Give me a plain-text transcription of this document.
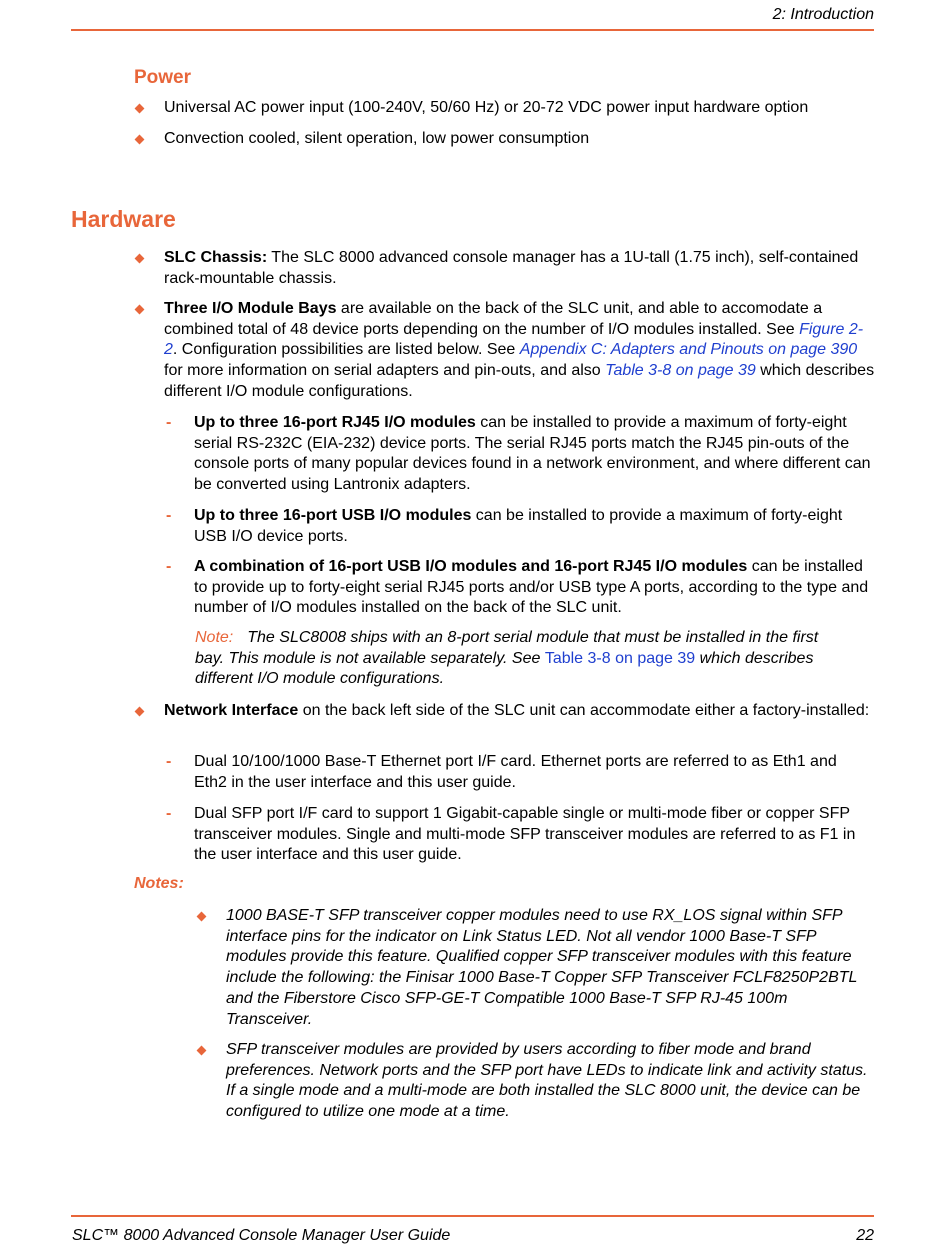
2: Introduction
Power
Universal AC power input (100-240V, 50/60 Hz) or 20-72 VDC power input hardware option
Convection cooled, silent operation, low power consumption
Hardware
SLC Chassis: The SLC 8000 advanced console manager has a 1U-tall (1.75 inch), self-contained rack-mountable chassis.
Three I/O Module Bays are available on the back of the SLC unit, and able to accomodate a combined total of 48 device ports depending on the number of I/O modules installed. See Figure 2-2. Configuration possibilities are listed below. See Appendix C: Adapters and Pinouts on page 390 for more information on serial adapters and pin-outs, and also Table 3-8 on page 39 which describes different I/O module configurations.
- Up to three 16-port RJ45 I/O modules can be installed to provide a maximum of forty-eight serial RS-232C (EIA-232) device ports. The serial RJ45 ports match the RJ45 pin-outs of the console ports of many popular devices found in a network environment, and where different can be converted using Lantronix adapters.
- Up to three 16-port USB I/O modules can be installed to provide a maximum of forty-eight USB I/O device ports.
- A combination of 16-port USB I/O modules and 16-port RJ45 I/O modules can be installed to provide up to forty-eight serial RJ45 ports and/or USB type A ports, according to the type and number of I/O modules installed on the back of the SLC unit.
Note: The SLC8008 ships with an 8-port serial module that must be installed in the first bay. This module is not available separately. See Table 3-8 on page 39 which describes different I/O module configurations.
Network Interface on the back left side of the SLC unit can accommodate either a factory-installed:
- Dual 10/100/1000 Base-T Ethernet port I/F card. Ethernet ports are referred to as Eth1 and Eth2 in the user interface and this user guide.
- Dual SFP port I/F card to support 1 Gigabit-capable single or multi-mode fiber or copper SFP transceiver modules. Single and multi-mode SFP transceiver modules are referred to as F1 in the user interface and this user guide.
Notes:
1000 BASE-T SFP transceiver copper modules need to use RX_LOS signal within SFP interface pins for the indicator on Link Status LED. Not all vendor 1000 Base-T SFP modules provide this feature. Qualified copper SFP transceiver modules with this feature include the following: the Finisar 1000 Base-T Copper SFP Transceiver FCLF8250P2BTL and the Fiberstore Cisco SFP-GE-T Compatible 1000 Base-T SFP RJ-45 100m Transceiver.
SFP transceiver modules are provided by users according to fiber mode and brand preferences. Network ports and the SFP port have LEDs to indicate link and activity status. If a single mode and a multi-mode are both installed the SLC 8000 unit, the device can be configured to utilize one mode at a time.
SLC™ 8000 Advanced Console Manager User Guide	22
